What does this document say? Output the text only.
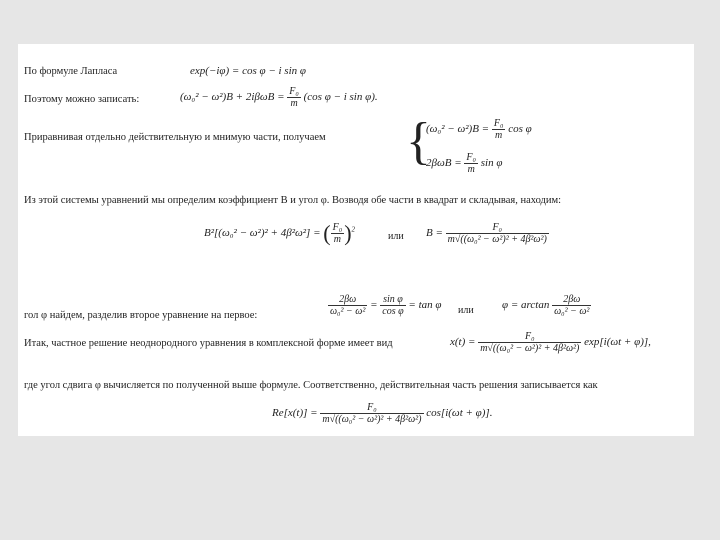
По формуле Лапласа	exp(−iφ) = cos φ − i sin φ
Поэтому можно записать:	$(\omega_0^2 - \omega^2)B + 2i\beta\omega B = \frac{\text{F₀}}{m} (\cos$ φ − i sin φ).
Приравнивая отдельно действительную и мнимую части, получаем {
$(\omega_0^2 - \omega^2)B = \frac{\text{F₀}}{m}$ cos φ
$2\beta\omega B = \frac{\text{F₀}}{m}$ sin φ
Из этой системы уравнений мы определим коэффициент B и угол φ. Возводя обе части в квадрат и складывая, находим:
B²[(ω₀² − ω²)² + 4β²ω²] = ( $\frac{\text{F₀}}{m} )^2$
или $B = \frac{\text{F₀}}{\text{m√((ω₀² − ω²)² + 4β²ω²)}}$
гол φ найдем, разделив второе уравнение на первое:	$\frac{2\beta\omega}{\text{ω₀² − ω²}} = \frac{\text{sin φ}}{\text{cos φ}} = \tan \varphi$ или	$\varphi = \arctan \frac{2\beta\omega}{\text{ω₀² − ω²}}$
Итак, частное решение неоднородного уравнения в комплексной форме имеет вид	$x(t) = \frac{\text{F₀}}{\text{m√((ω₀² − ω²)² + 4β²ω²)}} \exp[i(\omega t + \varphi)]$,
где угол сдвига φ вычисляется по полученной выше формуле. Соответственно, действительная часть решения записывается как
$Re[x(t)] = \frac{\text{F₀}}{\text{m√((ω₀² − ω²)² + 4β²ω²)}} \cos[i(\omega t + \varphi)]$.
